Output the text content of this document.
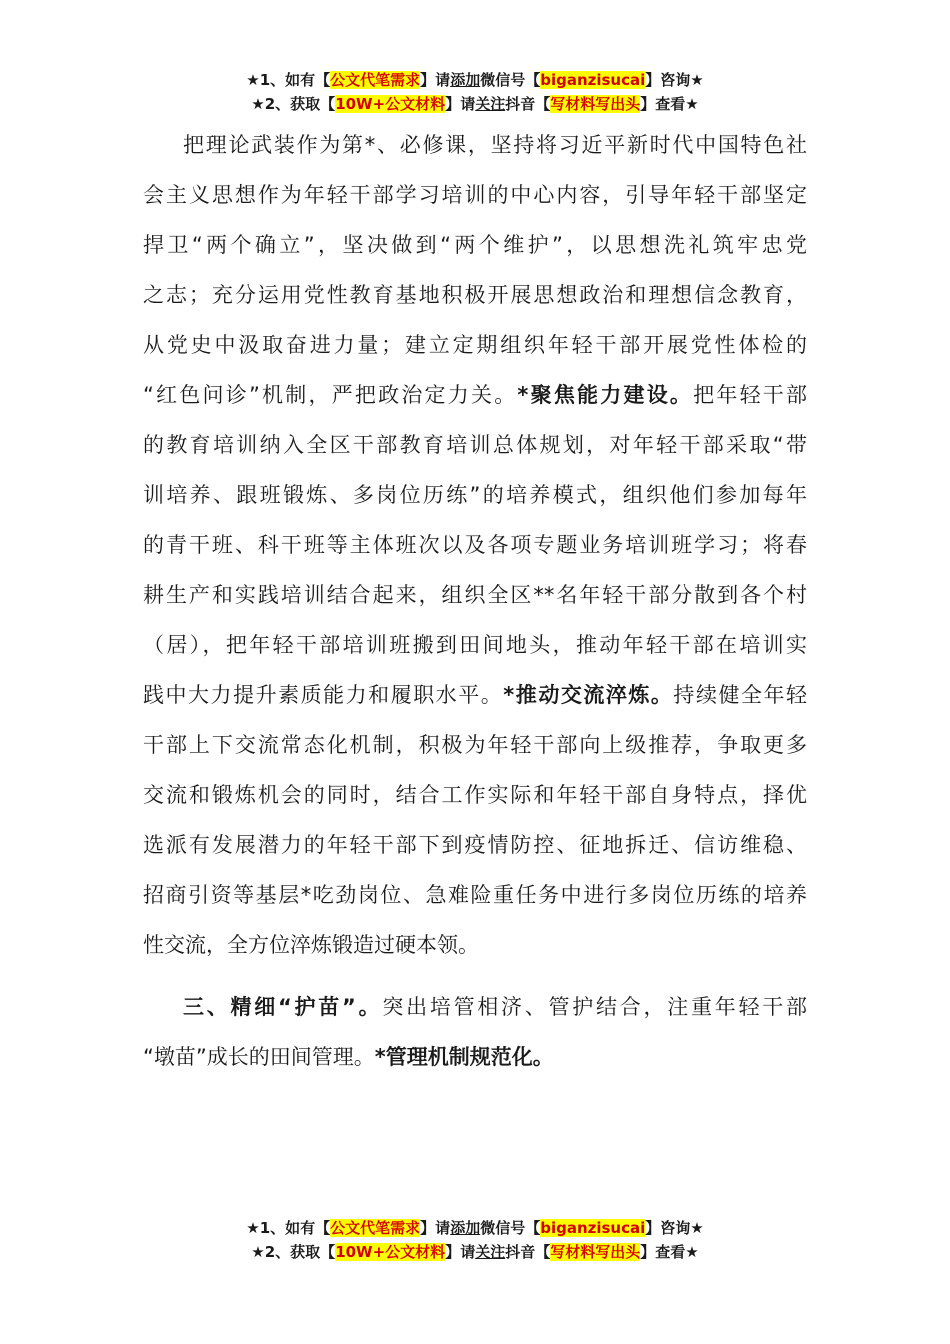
★1、如有【公文代笔需求】请添加微信号【biganzisucai】咨询★
★2、获取【10W+公文材料】请关注抖音【写材料写出头】查看★

把理论武装作为第*、必修课，坚持将习近平新时代中国特色社
会主义思想作为年轻干部学习培训的中心内容，引导年轻干部坚定
捍卫“两个确立”，坚决做到“两个维护”，以思想洗礼筑牢忠党
之志；充分运用党性教育基地积极开展思想政治和理想信念教育，
从党史中汲取奋进力量；建立定期组织年轻干部开展党性体检的
“红色问诊”机制，严把政治定力关。*聚焦能力建设。把年轻干部
的教育培训纳入全区干部教育培训总体规划，对年轻干部采取“带
训培养、跟班锻炼、多岗位历练”的培养模式，组织他们参加每年
的青干班、科干班等主体班次以及各项专题业务培训班学习；将春
耕生产和实践培训结合起来，组织全区**名年轻干部分散到各个村
（居），把年轻干部培训班搬到田间地头，推动年轻干部在培训实
践中大力提升素质能力和履职水平。*推动交流淬炼。持续健全年轻
干部上下交流常态化机制，积极为年轻干部向上级推荐，争取更多
交流和锻炼机会的同时，结合工作实际和年轻干部自身特点，择优
选派有发展潜力的年轻干部下到疫情防控、征地拆迁、信访维稳、
招商引资等基层*吃劲岗位、急难险重任务中进行多岗位历练的培养
性交流，全方位淬炼锻造过硬本领。

三、精细“护苗”。突出培管相济、管护结合，注重年轻干部
“墩苗”成长的田间管理。*管理机制规范化。

★1、如有【公文代笔需求】请添加微信号【biganzisucai】咨询★
★2、获取【10W+公文材料】请关注抖音【写材料写出头】查看★
